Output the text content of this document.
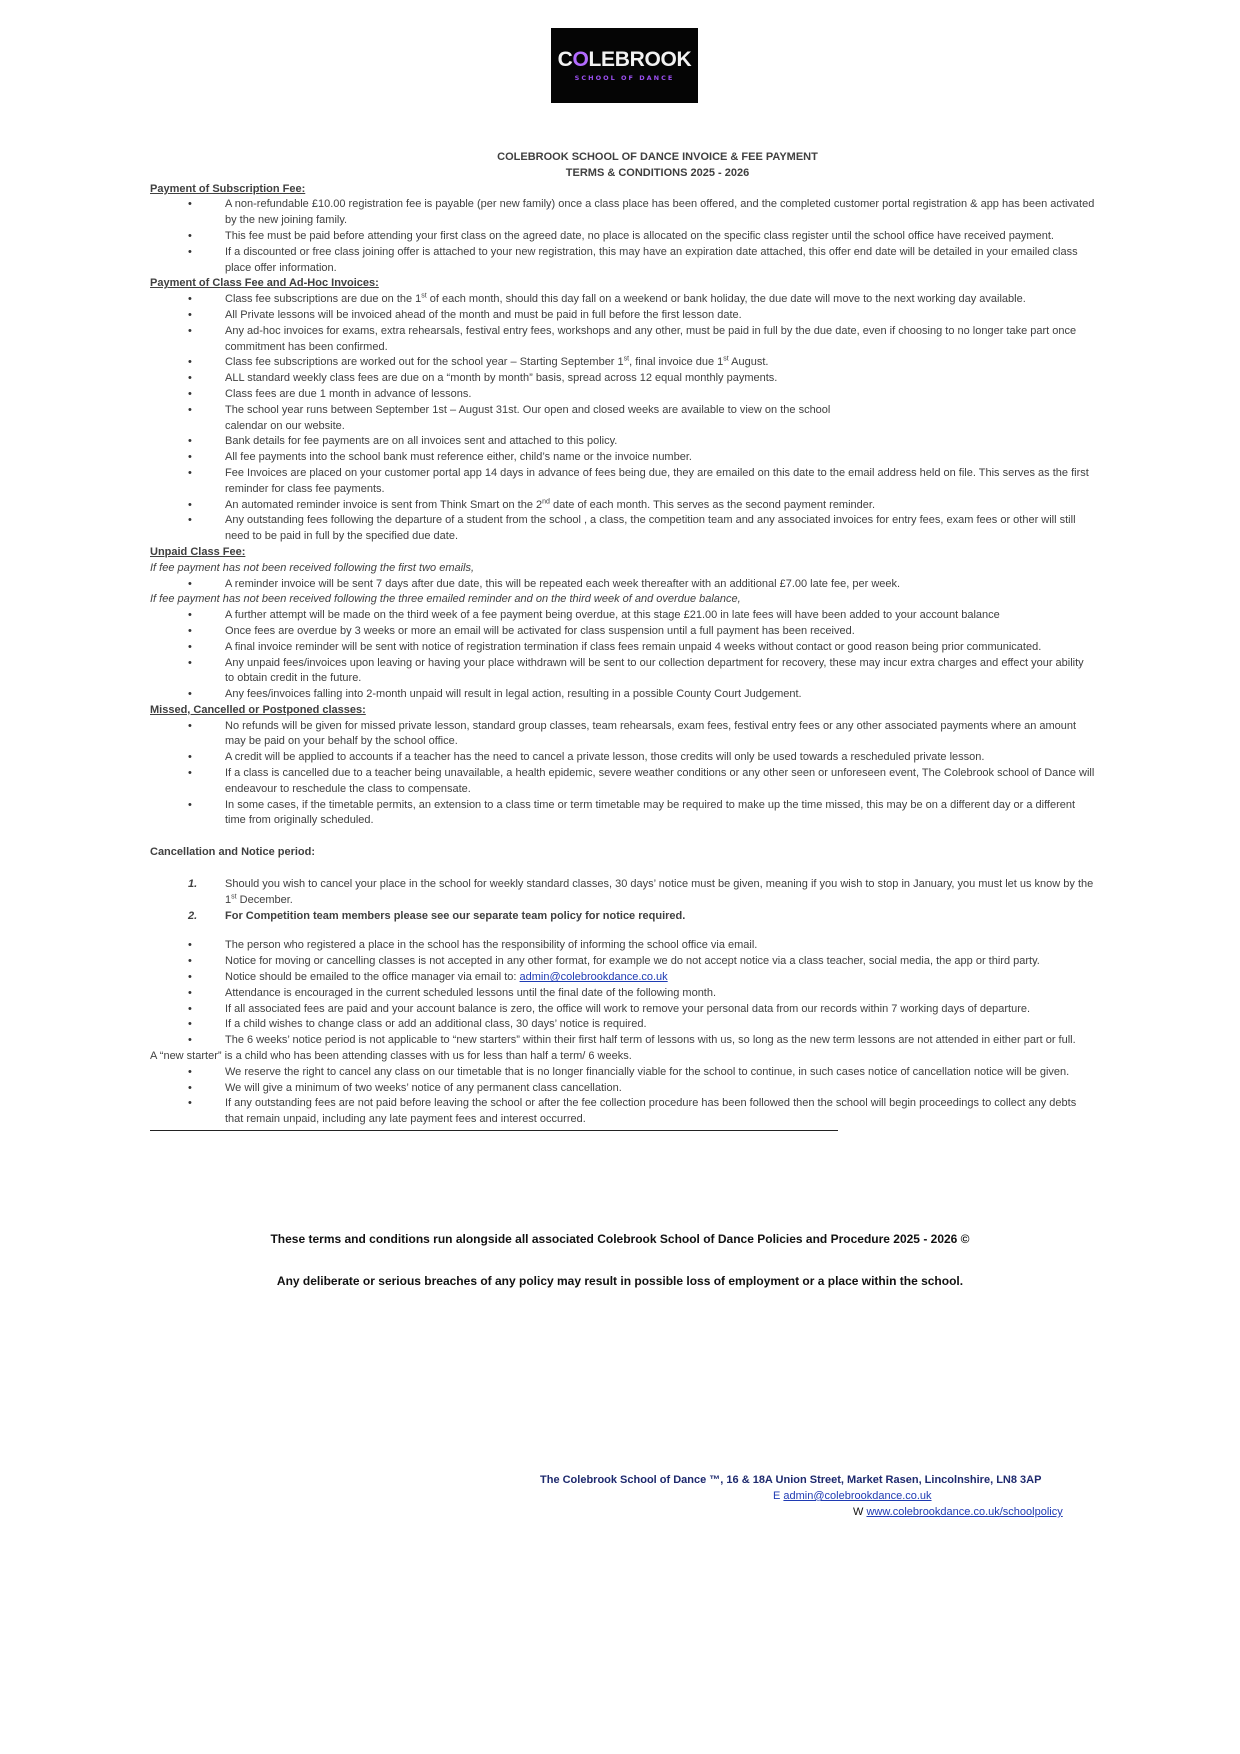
COLEBROOK
SCHOOL OF DANCE
COLEBROOK SCHOOL OF DANCE INVOICE & FEE PAYMENT
TERMS & CONDITIONS 2025 - 2026
Payment of Subscription Fee:
• A non-refundable £10.00 registration fee is payable (per new family) once a class place has been offered, and the completed customer portal registration & app has been activated by the new joining family.
• This fee must be paid before attending your first class on the agreed date, no place is allocated on the specific class register until the school office have received payment.
• If a discounted or free class joining offer is attached to your new registration, this may have an expiration date attached, this offer end date will be detailed in your emailed class place offer information.
Payment of Class Fee and Ad-Hoc Invoices:
• Class fee subscriptions are due on the 1st of each month, should this day fall on a weekend or bank holiday, the due date will move to the next working day available.
• All Private lessons will be invoiced ahead of the month and must be paid in full before the first lesson date.
• Any ad-hoc invoices for exams, extra rehearsals, festival entry fees, workshops and any other, must be paid in full by the due date, even if choosing to no longer take part once commitment has been confirmed.
• Class fee subscriptions are worked out for the school year – Starting September 1st, final invoice due 1st August.
• ALL standard weekly class fees are due on a “month by month” basis, spread across 12 equal monthly payments.
• Class fees are due 1 month in advance of lessons.
• The school year runs between September 1st – August 31st. Our open and closed weeks are available to view on the school
calendar on our website.
• Bank details for fee payments are on all invoices sent and attached to this policy.
• All fee payments into the school bank must reference either, child’s name or the invoice number.
• Fee Invoices are placed on your customer portal app 14 days in advance of fees being due, they are emailed on this date to the email address held on file. This serves as the first reminder for class fee payments.
• An automated reminder invoice is sent from Think Smart on the 2nd date of each month. This serves as the second payment reminder.
• Any outstanding fees following the departure of a student from the school , a class, the competition team and any associated invoices for entry fees, exam fees or other will still need to be paid in full by the specified due date.
Unpaid Class Fee:
If fee payment has not been received following the first two emails,
• A reminder invoice will be sent 7 days after due date, this will be repeated each week thereafter with an additional £7.00 late fee, per week.
If fee payment has not been received following the three emailed reminder and on the third week of and overdue balance,
• A further attempt will be made on the third week of a fee payment being overdue, at this stage £21.00 in late fees will have been added to your account balance
• Once fees are overdue by 3 weeks or more an email will be activated for class suspension until a full payment has been received.
• A final invoice reminder will be sent with notice of registration termination if class fees remain unpaid 4 weeks without contact or good reason being prior communicated.
• Any unpaid fees/invoices upon leaving or having your place withdrawn will be sent to our collection department for recovery, these may incur extra charges and effect your ability to obtain credit in the future.
• Any fees/invoices falling into 2-month unpaid will result in legal action, resulting in a possible County Court Judgement.
Missed, Cancelled or Postponed classes:
• No refunds will be given for missed private lesson, standard group classes, team rehearsals, exam fees, festival entry fees or any other associated payments where an amount may be paid on your behalf by the school office.
• A credit will be applied to accounts if a teacher has the need to cancel a private lesson, those credits will only be used towards a rescheduled private lesson.
• If a class is cancelled due to a teacher being unavailable, a health epidemic, severe weather conditions or any other seen or unforeseen event, The Colebrook school of Dance will endeavour to reschedule the class to compensate.
• In some cases, if the timetable permits, an extension to a class time or term timetable may be required to make up the time missed, this may be on a different day or a different time from originally scheduled.
Cancellation and Notice period:
1.	Should you wish to cancel your place in the school for weekly standard classes, 30 days’ notice must be given, meaning if you wish to stop in January, you must let us know by the 1st December.
2.	For Competition team members please see our separate team policy for notice required.
• The person who registered a place in the school has the responsibility of informing the school office via email.
• Notice for moving or cancelling classes is not accepted in any other format, for example we do not accept notice via a class teacher, social media, the app or third party.
• Notice should be emailed to the office manager via email to: admin@colebrookdance.co.uk
• Attendance is encouraged in the current scheduled lessons until the final date of the following month.
• If all associated fees are paid and your account balance is zero, the office will work to remove your personal data from our records within 7 working days of departure.
• If a child wishes to change class or add an additional class, 30 days’ notice is required.
• The 6 weeks’ notice period is not applicable to “new starters” within their first half term of lessons with us, so long as the new term lessons are not attended in either part or full.
A “new starter” is a child who has been attending classes with us for less than half a term/ 6 weeks.
• We reserve the right to cancel any class on our timetable that is no longer financially viable for the school to continue, in such cases notice of cancellation notice will be given.
• We will give a minimum of two weeks’ notice of any permanent class cancellation.
• If any outstanding fees are not paid before leaving the school or after the fee collection procedure has been followed then the school will begin proceedings to collect any debts that remain unpaid, including any late payment fees and interest occurred.
These terms and conditions run alongside all associated Colebrook School of Dance Policies and Procedure 2025 - 2026 ©
Any deliberate or serious breaches of any policy may result in possible loss of employment or a place within the school.
The Colebrook School of Dance ™, 16 & 18A Union Street, Market Rasen, Lincolnshire, LN8 3AP
E admin@colebrookdance.co.uk
W www.colebrookdance.co.uk/schoolpolicy
